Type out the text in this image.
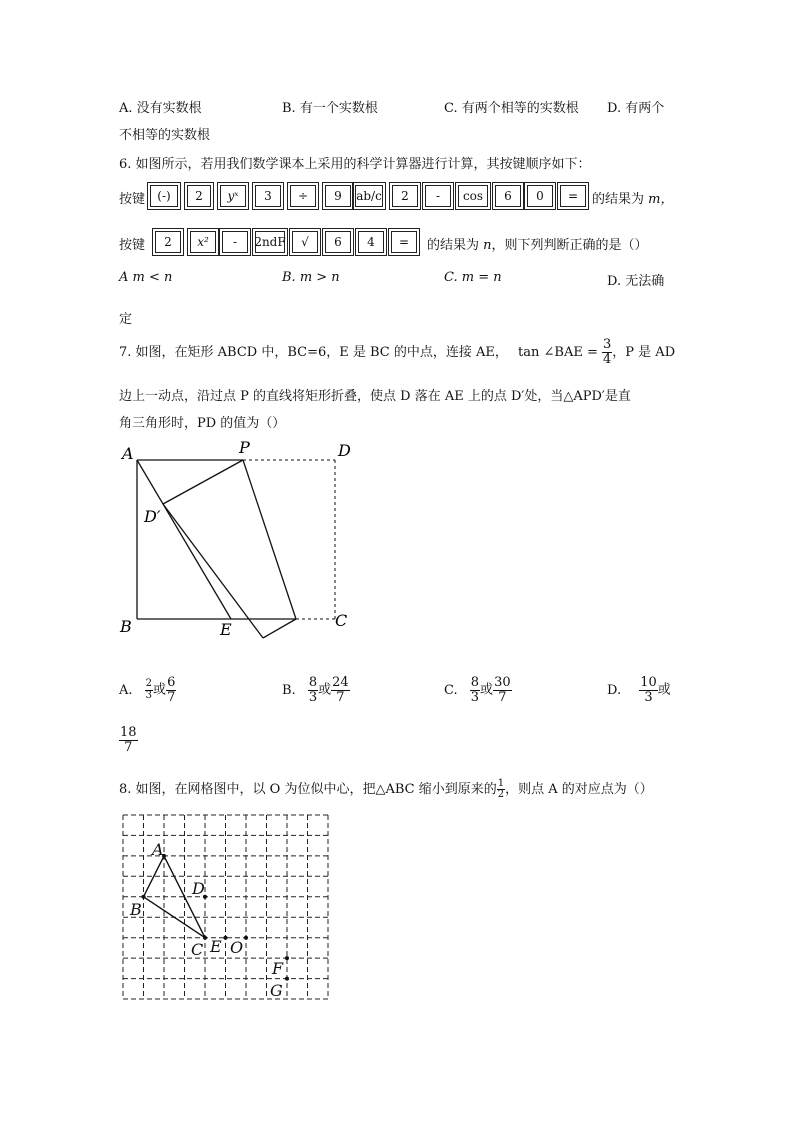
A. 没有实数根	B. 有一个实数根	C. 有两个相等的实数根 D. 有两个
不相等的实数根
6. 如图所示，若用我们数学课本上采用的科学计算器进行计算，其按键顺序如下：
按键	(-)	2	yˣ	3	÷	9	ab/c	2	-	cos	6	0	=	的结果为 m，
按键	2	x²	-	2ndF	√	6	4	=	的结果为 n，则下列判断正确的是（）
A m < n	B. m > n	C. m = n	D. 无法确
定
7. 如图，在矩形 ABCD 中，BC=6，E 是 BC 的中点，连接 AE， tan ∠BAE = $\frac{3}{4}$ ，P 是 AD
边上一动点，沿过点 P 的直线将矩形折叠，使点 D 落在 AE 上的点 D′处，当△APD′是直
角三角形时，PD 的值为（）
A	P	D
D′
B	E	C
A. $\frac{2}{3}$ 或 $\frac{6}{7}$	B. $\frac{8}{3}$ 或 $\frac{24}{7}$	C. $\frac{8}{3}$ 或 $\frac{30}{7}$	D. $\frac{10}{3}$ 或
$\frac{18}{7}$
8. 如图，在网格图中，以 O 为位似中心，把△ABC 缩小到原来的 $\frac{1}{2}$ ，则点 A 的对应点为（）
A
B
C
D
E O
F
G
